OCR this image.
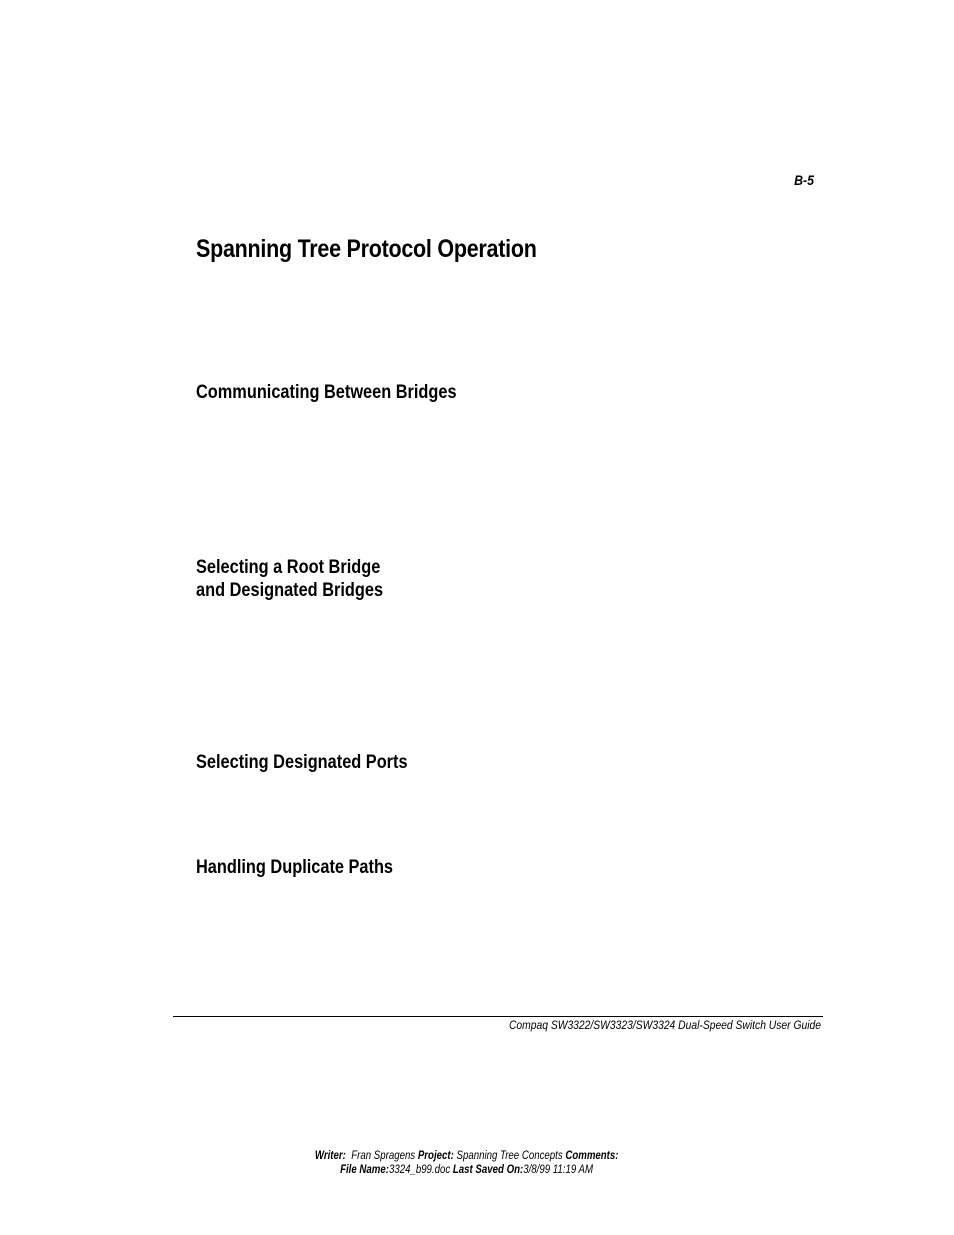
B-5
Spanning Tree Protocol Operation
Communicating Between Bridges
Selecting a Root Bridge
and Designated Bridges
Selecting Designated Ports
Handling Duplicate Paths
Compaq SW3322/SW3323/SW3324 Dual-Speed Switch User Guide
Writer: Fran Spragens Project: Spanning Tree Concepts Comments:
File Name:3324_b99.doc Last Saved On:3/8/99 11:19 AM
